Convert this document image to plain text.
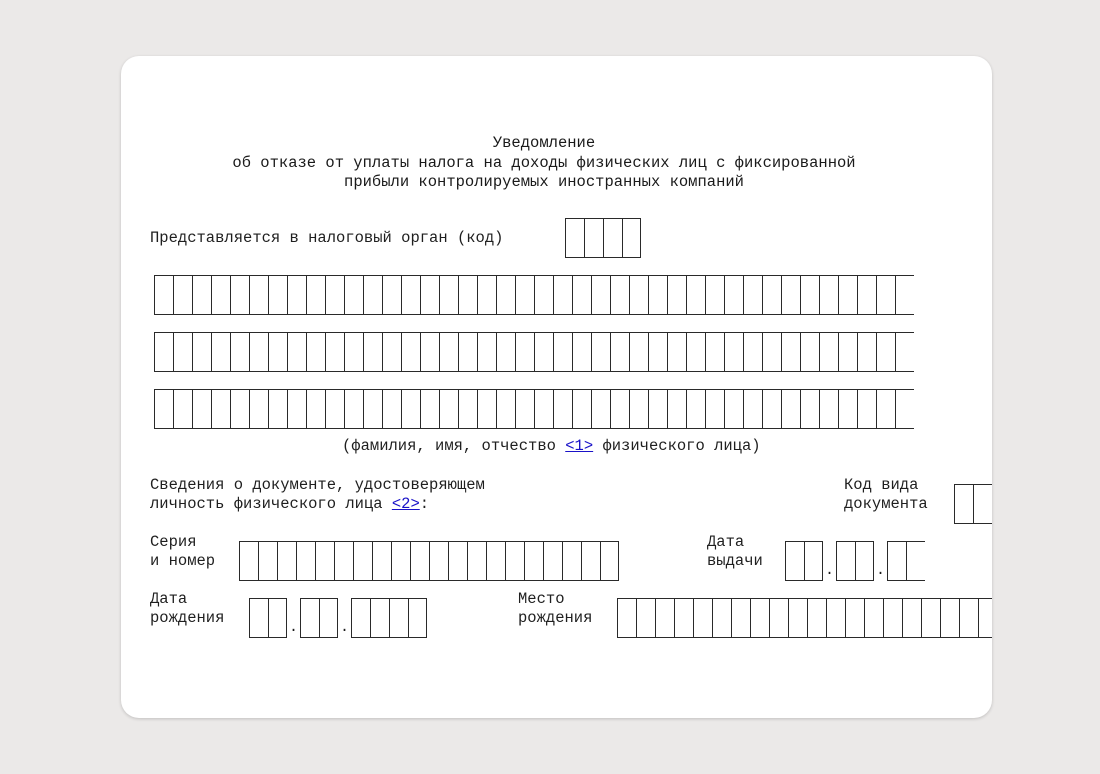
Уведомление
об отказе от уплаты налога на доходы физических лиц с фиксированной
прибыли контролируемых иностранных компаний
Представляется в налоговый орган (код)
(фамилия, имя, отчество <1> физического лица)
Сведения о документе, удостоверяющем
личность физического лица <2>:
Код вида
документа
Серия
и номер
Дата
выдачи
.	.
Дата
рождения
.	.
Место
рождения
